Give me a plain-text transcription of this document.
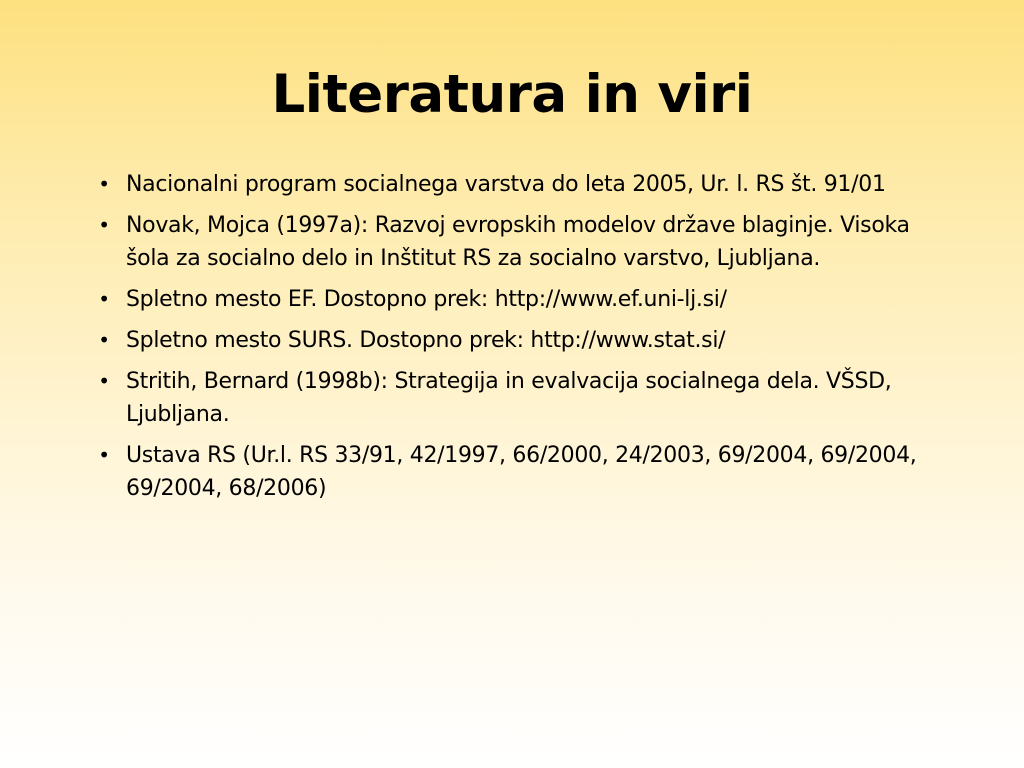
Literatura in viri
• Nacionalni program socialnega varstva do leta 2005, Ur. l. RS št. 91/01
• Novak, Mojca (1997a): Razvoj evropskih modelov države blaginje. Visoka šola za socialno delo in Inštitut RS za socialno varstvo, Ljubljana.
• Spletno mesto EF. Dostopno prek: http://www.ef.uni-lj.si/
• Spletno mesto SURS. Dostopno prek: http://www.stat.si/
• Stritih, Bernard (1998b): Strategija in evalvacija socialnega dela. VŠSD, Ljubljana.
• Ustava RS (Ur.l. RS 33/91, 42/1997, 66/2000, 24/2003, 69/2004, 69/2004, 69/2004, 68/2006)
